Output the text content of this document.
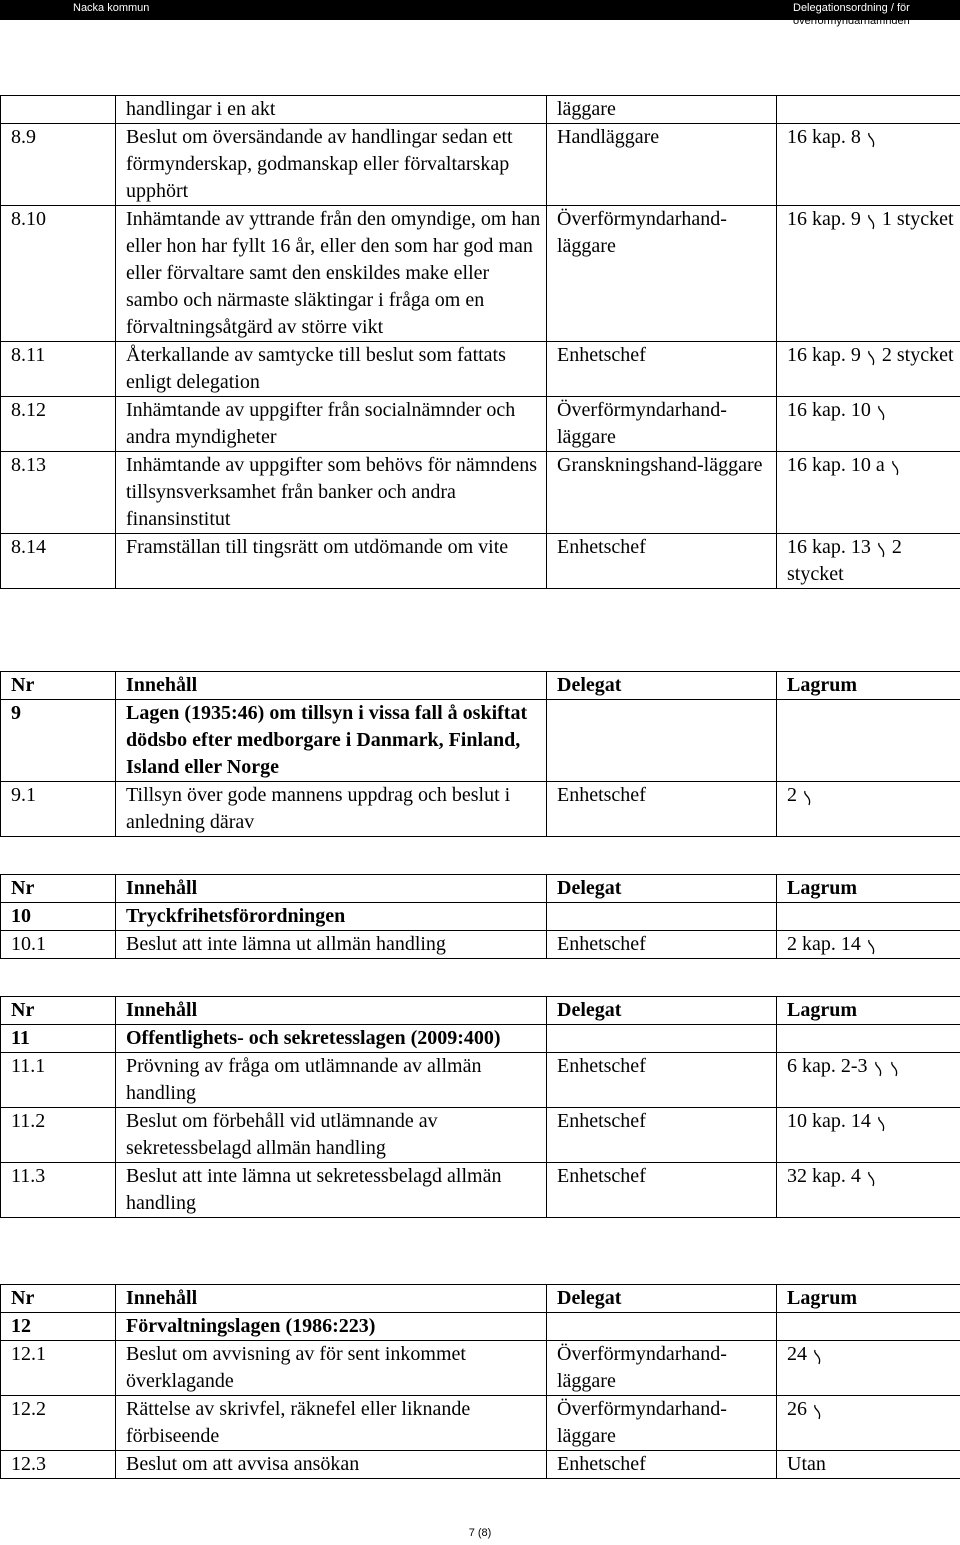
Nacka kommun	Delegationsordning / för
överförmyndarnämnden
	handlingar i en akt	läggare	
8.9	Beslut om översändande av handlingar sedan ett förmynderskap, godmanskap eller förvaltarskap upphört	Handläggare	16 kap. 8

8.10	Inhämtande av yttrande från den omyndige, om han eller hon har fyllt 16 år, eller den som har god man eller förvaltare samt den enskildes make eller sambo och närmaste släktingar i fråga om en förvaltningsåtgärd av större vikt	Överförmyndarhand-läggare	16 kap. 9
1 stycket
8.11	Återkallande av samtycke till beslut som fattats enligt delegation	Enhetschef	16 kap. 9
2 stycket
8.12	Inhämtande av uppgifter från socialnämnder och andra myndigheter	Överförmyndarhand-läggare	16 kap. 10

8.13	Inhämtande av uppgifter som behövs för nämndens tillsynsverksamhet från banker och andra finansinstitut	Granskningshand-läggare	16 kap. 10 a

8.14	Framställan till tingsrätt om utdömande om vite	Enhetschef	16 kap. 13
2 stycket
Nr	Innehåll	Delegat	Lagrum
9	Lagen (1935:46) om tillsyn i vissa fall å oskiftat dödsbo efter medborgare i Danmark, Finland, Island eller Norge		
9.1	Tillsyn över gode mannens uppdrag och beslut i anledning därav	Enhetschef	2
Nr	Innehåll	Delegat	Lagrum
10	Tryckfrihetsförordningen		
10.1	Beslut att inte lämna ut allmän handling	Enhetschef	2 kap. 14
Nr	Innehåll	Delegat	Lagrum
11	Offentlighets- och sekretesslagen (2009:400)		
11.1	Prövning av fråga om utlämnande av allmän handling	Enhetschef	6 kap. 2-3

11.2	Beslut om förbehåll vid utlämnande av sekretessbelagd allmän handling	Enhetschef	10 kap. 14

11.3	Beslut att inte lämna ut sekretessbelagd allmän handling	Enhetschef	32 kap. 4
Nr	Innehåll	Delegat	Lagrum
12	Förvaltningslagen (1986:223)		
12.1	Beslut om avvisning av för sent inkommet överklagande	Överförmyndarhand-läggare	24

12.2	Rättelse av skrivfel, räknefel eller liknande förbiseende	Överförmyndarhand-läggare	26

12.3	Beslut om att avvisa ansökan	Enhetschef	Utan
7 (8)
